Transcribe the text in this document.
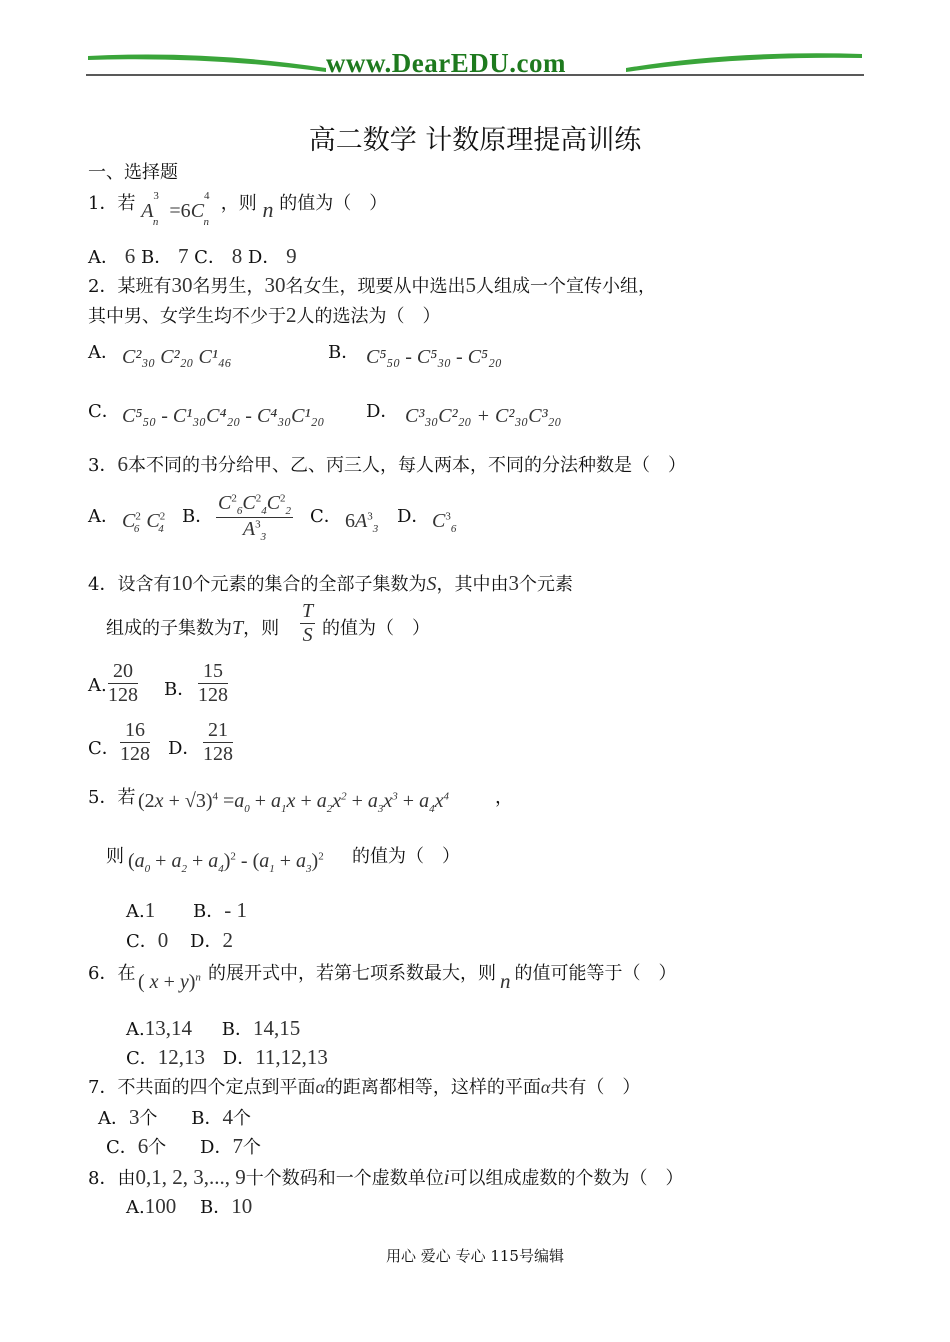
www.DearEDU.com
高二数学 计数原理提高训练
一、选择题
1．若 $A^3_n =6C^4_n$ ，则 n 的值为（　）
A． 6 B． 7 C． 8 D． 9
2．某班有30名男生，30名女生，现要从中选出5人组成一个宣传小组，
其中男、女学生均不少于2人的选法为（　）
A． C²₃₀ C²₂₀ C¹₄₆	B． C⁵₅₀ - C⁵₃₀ - C⁵₂₀
C． C⁵₅₀ - C¹₃₀C⁴₂₀ - C⁴₃₀C¹₂₀ D． C³₃₀C²₂₀ + C²₃₀C³₂₀
3．6本不同的书分给甲、乙、丙三人，每人两本，不同的分法种数是（　）
A． $C^2_6$ $C^2_4$
B． $\frac{C^2_6C^2_4C^2_2}{A^3_3}$ C． $6A^3_3$
D． $C^3_6$
4．设含有10个元素的集合的全部子集数为S，其中由3个元素
组成的子集数为T，则 $\frac{T}{S}$ 的值为（　）
A. $\frac{20}{128}$ B． $\frac{15}{128}$
C． $\frac{16}{128}$ D． $\frac{21}{128}$
5．若 $(2x + √3)^4 =a_0 + a_1x + a_2x^2 + a_3x^3 + a_4x^4$	，
则 $(a_0 + a_2 + a_4)^2 - (a_1 + a_3)^2$ 的值为（　）
A.1 B．- 1
C．0 D．2
6．在 ( x + y)$^n$ 的展开式中，若第七项系数最大，则 n 的值可能等于（　）
A.13,14 B．14,15
C．12,13 D．11,12,13
7．不共面的四个定点到平面α的距离都相等，这样的平面α共有（　）
A．3个 B．4个
C．6个 D．7个
8．由0,1, 2, 3,..., 9十个数码和一个虚数单位i可以组成虚数的个数为（　）
A.100 B．10
用心 爱心 专心 115号编辑
